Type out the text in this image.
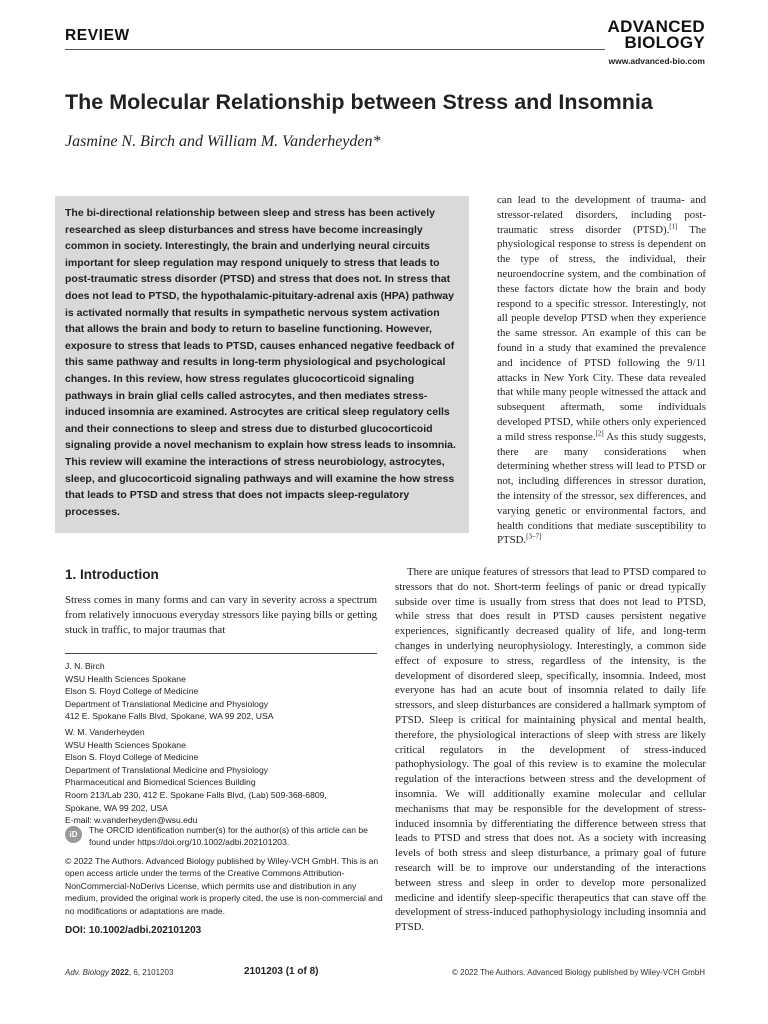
REVIEW	ADVANCED
BIOLOGY
www.advanced-bio.com
The Molecular Relationship between Stress and Insomnia
Jasmine N. Birch and William M. Vanderheyden*

The bi-directional relationship between sleep and stress has been actively researched as sleep disturbances and stress have become increasingly common in society. Interestingly, the brain and underlying neural circuits important for sleep regulation may respond uniquely to stress that leads to post-traumatic stress disorder (PTSD) and stress that does not. In stress that does not lead to PTSD, the hypothalamic-pituitary-adrenal axis (HPA) pathway is activated normally that results in sympathetic nervous system activation that allows the brain and body to return to baseline functioning. However, exposure to stress that leads to PTSD, causes enhanced negative feedback of this same pathway and results in long-term physiological and psychological changes. In this review, how stress regulates glucocorticoid signaling pathways in brain glial cells called astrocytes, and then mediates stress-induced insomnia are examined. Astrocytes are critical sleep regulatory cells and their connections to sleep and stress due to disturbed glucocorticoid signaling provide a novel mechanism to explain how stress leads to insomnia. This review will examine the interactions of stress neurobiology, astrocytes, sleep, and glucocorticoid signaling pathways and will examine the how stress that leads to PTSD and stress that does not impacts sleep-regulatory processes.

can lead to the development of trauma- and stressor-related disorders, including post-traumatic stress disorder (PTSD).[1] The physiological response to stress is dependent on the type of stress, the individual, their neuroendocrine system, and the combination of these factors dictate how the brain and body respond to a specific stressor. Interestingly, not all people develop PTSD when they experience the same stressor. An example of this can be found in a study that examined the prevalence and incidence of PTSD following the 9/11 attacks in New York City. These data revealed that while many people witnessed the attack and subsequent aftermath, some individuals developed PTSD, while others only experienced a mild stress response.[2] As this study suggests, there are many considerations when determining whether stress will lead to PTSD or not, including differences in stressor duration, the intensity of the stressor, sex differences, and varying genetic or environmental factors, and health conditions that mediate susceptibility to PTSD.[3–7]

1. Introduction

Stress comes in many forms and can vary in severity across a spectrum from relatively innocuous everyday stressors like paying bills or getting stuck in traffic, to major traumas that

J. N. Birch
WSU Health Sciences Spokane
Elson S. Floyd College of Medicine
Department of Translational Medicine and Physiology
412 E. Spokane Falls Blvd, Spokane, WA 99 202, USA
W. M. Vanderheyden
WSU Health Sciences Spokane
Elson S. Floyd College of Medicine
Department of Translational Medicine and Physiology
Pharmaceutical and Biomedical Sciences Building
Room 213/Lab 230, 412 E. Spokane Falls Blvd, (Lab) 509-368-6809,
Spokane, WA 99 202, USA
E-mail: w.vanderheyden@wsu.edu
iD	The ORCID identification number(s) for the author(s) of this article can be found under https://doi.org/10.1002/adbi.202101203.
© 2022 The Authors. Advanced Biology published by Wiley-VCH GmbH. This is an open access article under the terms of the Creative Commons Attribution-NonCommercial-NoDerivs License, which permits use and distribution in any medium, provided the original work is properly cited, the use is non-commercial and no modifications or adaptations are made.
DOI: 10.1002/adbi.202101203

There are unique features of stressors that lead to PTSD compared to stressors that do not. Short-term feelings of panic or dread typically subside over time is usually from stress that does not lead to PTSD, while stress that does result in PTSD causes persistent negative experiences, significantly decreased quality of life, and long-term changes in underlying neurophysiology. Interestingly, a common side effect of exposure to stress, regardless of the intensity, is the development of disordered sleep, specifically, insomnia. Indeed, most everyone has had an acute bout of insomnia related to daily life stressors, and sleep disturbances are considered a hallmark symptom of PTSD. Sleep is critical for maintaining physical and mental health, therefore, the physiological interactions of sleep with stress are likely critical regulators in the development of stress-induced pathophysiology. The goal of this review is to examine the molecular regulation of the interactions between stress and the development of insomnia. We will additionally examine molecular and cellular mechanisms that may be responsible for the development of stress-induced insomnia by differentiating the difference between stress that leads to PTSD and stress that does not. As a society with increasing levels of both stress and sleep disturbance, a primary goal of future research will be to improve our understanding of the interactions between stress and sleep in order to develop more personalized medicine and identify sleep-specific therapeutics that can stave off the development of stress-induced pathophysiology including insomnia and PTSD.

Adv. Biology 2022, 6, 2101203	2101203 (1 of 8)	© 2022 The Authors. Advanced Biology published by Wiley-VCH GmbH
